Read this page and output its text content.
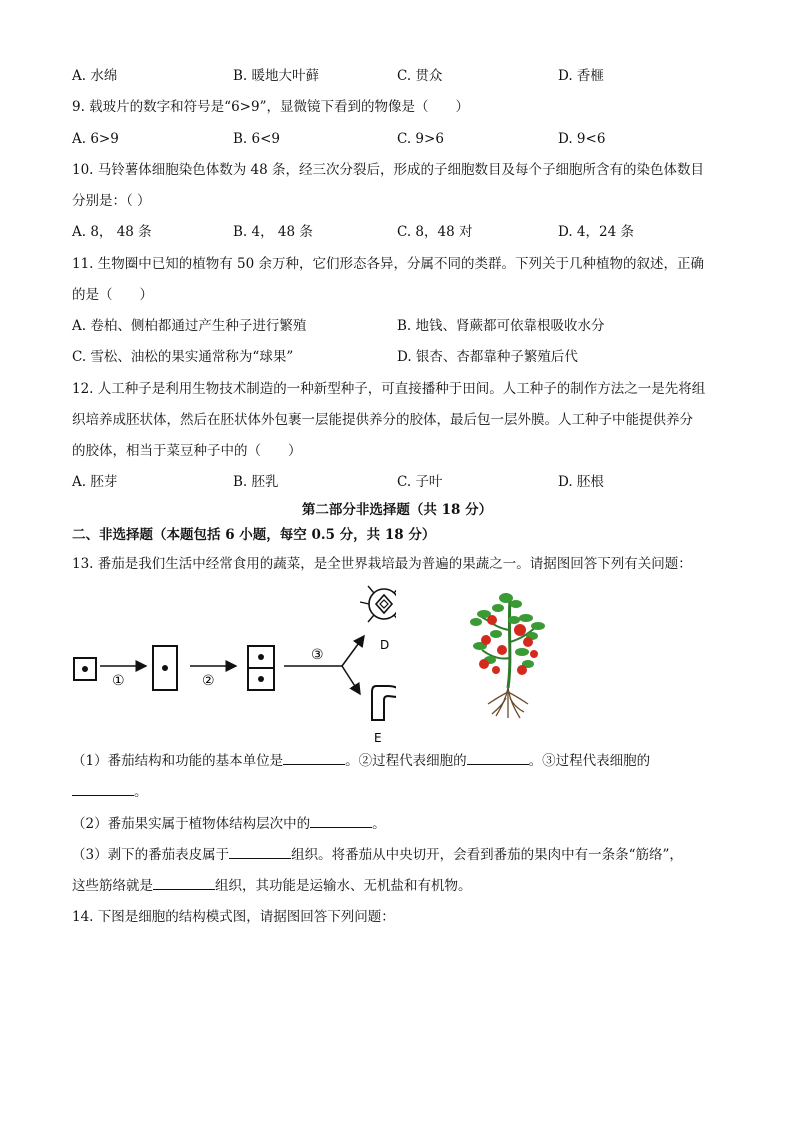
A. 水绵	B. 暖地大叶藓	C. 贯众	D. 香榧
9. 载玻片的数字和符号是“6>9”，显微镜下看到的物像是（　　）
A. 6>9	B. 6<9	C. 9>6	D. 9<6
10. 马铃薯体细胞染色体数为 48 条，经三次分裂后，形成的子细胞数目及每个子细胞所含有的染色体数目
分别是：（ ）
A. 8， 48 条	B. 4， 48 条	C. 8，48 对	D. 4，24 条
11. 生物圈中已知的植物有 50 余万种，它们形态各异，分属不同的类群。下列关于几种植物的叙述，正确
的是（　　）
A. 卷柏、侧柏都通过产生种子进行繁殖	B. 地钱、肾蕨都可依靠根吸收水分
C. 雪松、油松的果实通常称为“球果”	D. 银杏、杏都靠种子繁殖后代
12. 人工种子是利用生物技术制造的一种新型种子，可直接播种于田间。人工种子的制作方法之一是先将组
织培养成胚状体，然后在胚状体外包裹一层能提供养分的胶体，最后包一层外膜。人工种子中能提供养分
的胶体，相当于菜豆种子中的（　　）
A. 胚芽	B. 胚乳	C. 子叶	D. 胚根
第二部分非选择题（共 18 分）
二、非选择题（本题包括 6 小题，每空 0.5 分，共 18 分）
13. 番茄是我们生活中经常食用的蔬菜，是全世界栽培最为普遍的果蔬之一。请据图回答下列有关问题：
①	②
③
D
E
（1）番茄结构和功能的基本单位是	。②过程代表细胞的	。③过程代表细胞的
。
（2）番茄果实属于植物体结构层次中的	。
（3）剥下的番茄表皮属于	组织。将番茄从中央切开，会看到番茄的果肉中有一条条“筋络”，
这些筋络就是	组织，其功能是运输水、无机盐和有机物。
14. 下图是细胞的结构模式图，请据图回答下列问题：
